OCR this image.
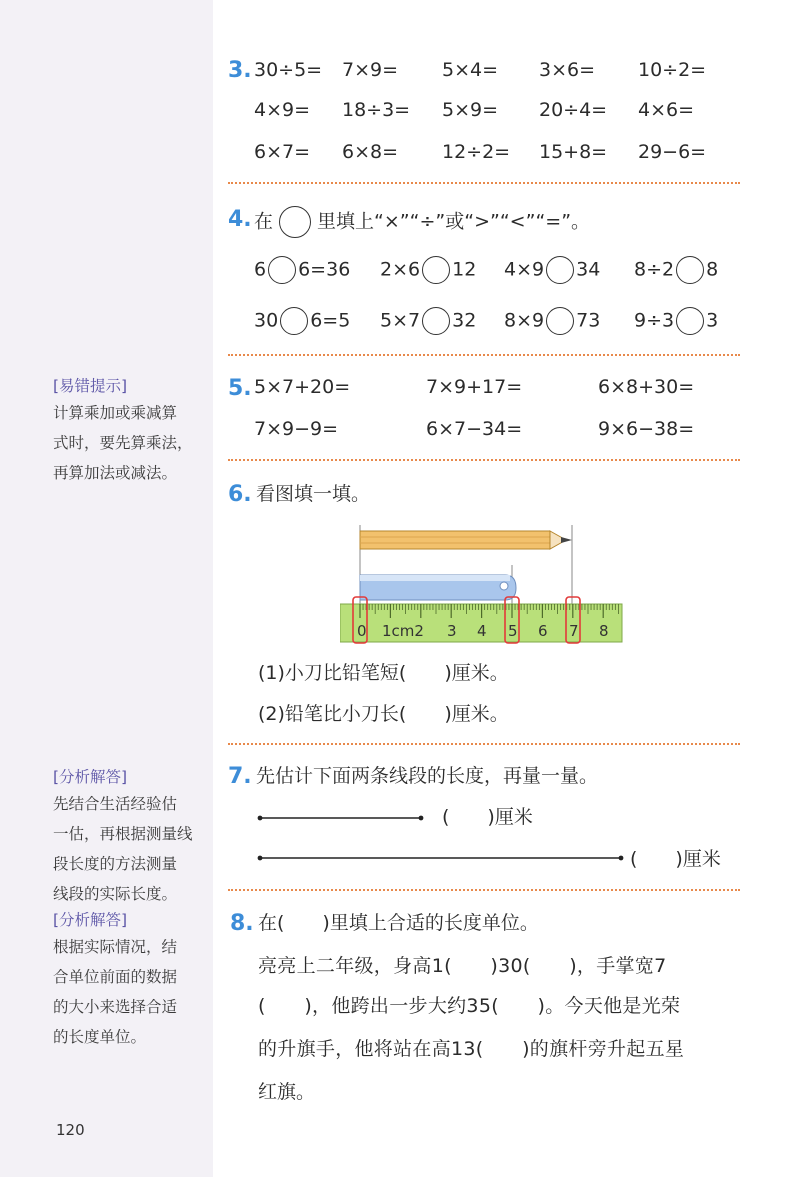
[易错提示]
计算乘加或乘减算
式时，要先算乘法，
再算加法或减法。
[分析解答]
先结合生活经验估
一估，再根据测量线
段长度的方法测量
线段的实际长度。
[分析解答]
根据实际情况，结
合单位前面的数据
的大小来选择合适
的长度单位。
120
3. 30÷5= 7×9= 5×4= 3×6= 10÷2=
4×9= 18÷3= 5×9= 20÷4= 4×6=
6×7= 6×8= 12÷2= 15+8= 29−6=
4. 在 里填上“×”“÷”或“>”“<”“=”。
6 6=36 2×6 12 4×9 34 8÷2 8
30 6=5 5×7 32 8×9 73 9÷3 3
5. 5×7+20=	7×9+17=	6×8+30=
7×9−9=	6×7−34=	9×6−38=
6. 看图填一填。
0 1cm2 3 4 5 6 7 8
(1)小刀比铅笔短(　　)厘米。
(2)铅笔比小刀长(　　)厘米。
7. 先估计下面两条线段的长度，再量一量。
(　　)厘米
(　　)厘米
8. 在(　　)里填上合适的长度单位。
亮亮上二年级，身高1(　　)30(　　)，手掌宽7
(　　)，他跨出一步大约35(　　)。今天他是光荣
的升旗手，他将站在高13(　　)的旗杆旁升起五星
红旗。
